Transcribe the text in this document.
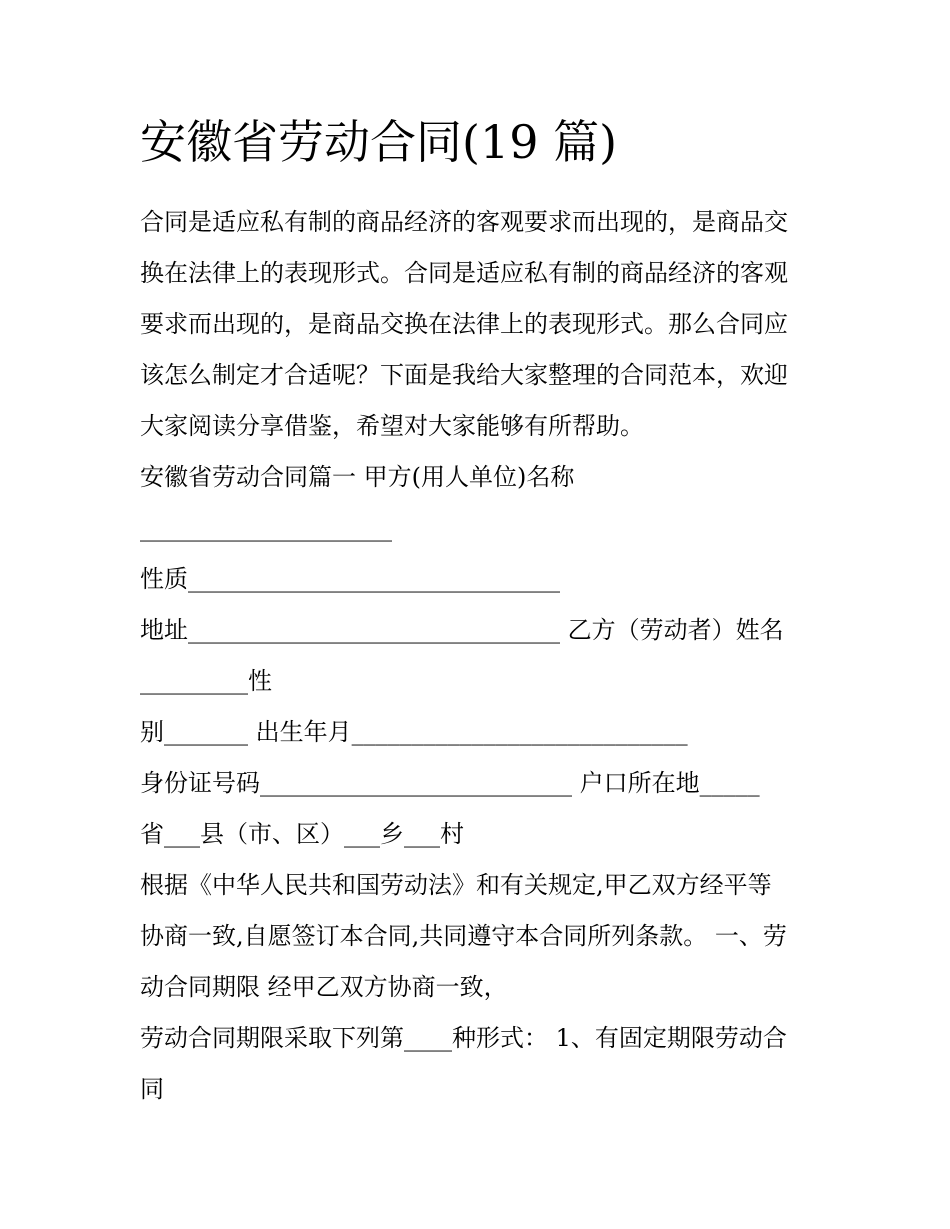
安徽省劳动合同(19 篇)
合同是适应私有制的商品经济的客观要求而出现的，是商品交
换在法律上的表现形式。合同是适应私有制的商品经济的客观
要求而出现的，是商品交换在法律上的表现形式。那么合同应
该怎么制定才合适呢？下面是我给大家整理的合同范本，欢迎
大家阅读分享借鉴，希望对大家能够有所帮助。
安徽省劳动合同篇一 甲方(用人单位)名称
_____________________
性质_______________________________
地址_______________________________ 乙方（劳动者）姓名
_________性
别_______ 出生年月____________________________
身份证号码__________________________ 户口所在地_____
省___县（市、区）___乡___村
根据《中华人民共和国劳动法》和有关规定,甲乙双方经平等
协商一致,自愿签订本合同,共同遵守本合同所列条款。 一、劳
动合同期限 经甲乙双方协商一致，
劳动合同期限采取下列第____种形式： 1、有固定期限劳动合
同
